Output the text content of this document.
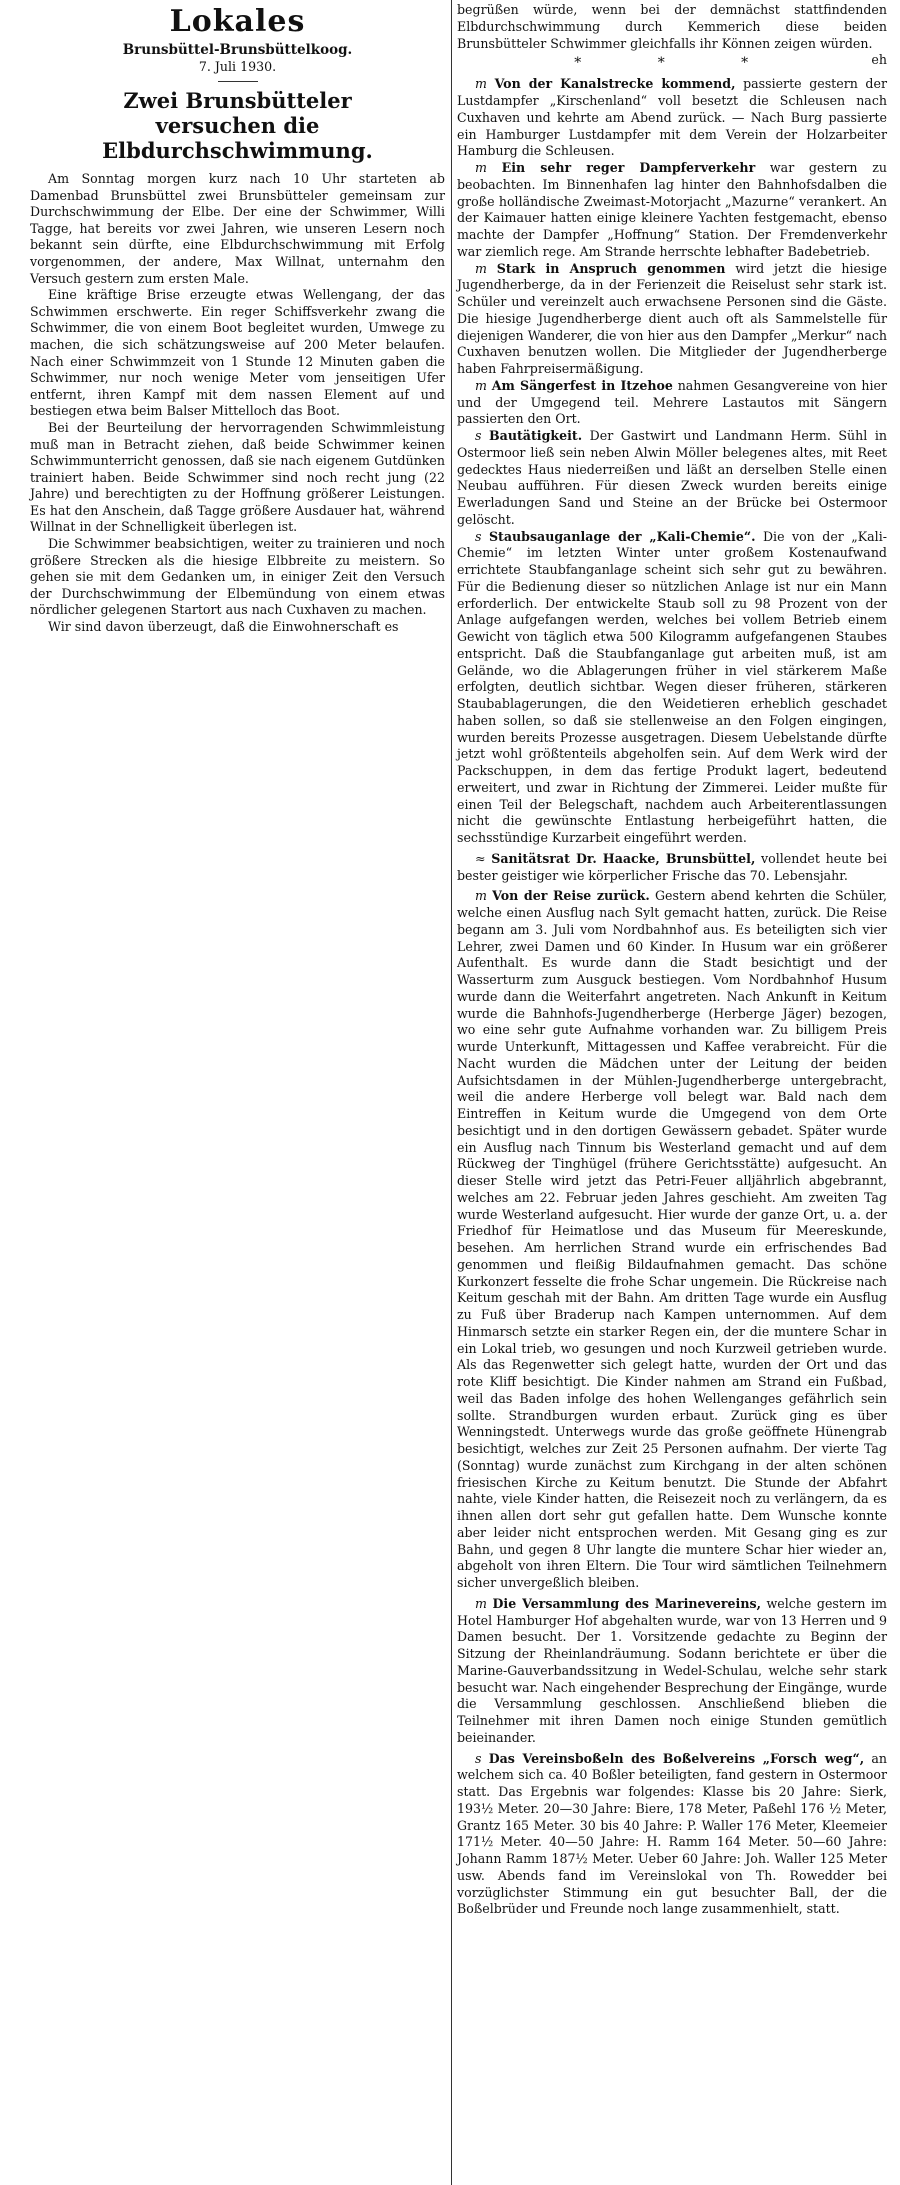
Lokales
Brunsbüttel-Brunsbüttelkoog.
7. Juli 1930.
Zwei Brunsbütteler
versuchen die Elbdurchschwimmung.

Am Sonntag morgen kurz nach 10 Uhr starteten ab Damenbad Brunsbüttel zwei Brunsbütteler gemeinsam zur Durchschwimmung der Elbe. Der eine der Schwimmer, Willi Tagge, hat bereits vor zwei Jahren, wie unseren Lesern noch bekannt sein dürfte, eine Elbdurchschwimmung mit Erfolg vorgenommen, der andere, Max Willnat, unternahm den Versuch gestern zum ersten Male.

Eine kräftige Brise erzeugte etwas Wellengang, der das Schwimmen erschwerte. Ein reger Schiffsverkehr zwang die Schwimmer, die von einem Boot begleitet wurden, Umwege zu machen, die sich schätzungsweise auf 200 Meter belaufen. Nach einer Schwimmzeit von 1 Stunde 12 Minuten gaben die Schwimmer, nur noch wenige Meter vom jenseitigen Ufer entfernt, ihren Kampf mit dem nassen Element auf und bestiegen etwa beim Balser Mittelloch das Boot.

Bei der Beurteilung der hervorragenden Schwimmleistung muß man in Betracht ziehen, daß beide Schwimmer keinen Schwimmunterricht genossen, daß sie nach eigenem Gutdünken trainiert haben. Beide Schwimmer sind noch recht jung (22 Jahre) und berechtigten zu der Hoffnung größerer Leistungen. Es hat den Anschein, daß Tagge größere Ausdauer hat, während Willnat in der Schnelligkeit überlegen ist.

Die Schwimmer beabsichtigen, weiter zu trainieren und noch größere Strecken als die hiesige Elbbreite zu meistern. So gehen sie mit dem Gedanken um, in einiger Zeit den Versuch der Durchschwimmung der Elbemündung von einem etwas nördlicher gelegenen Startort aus nach Cuxhaven zu machen.

Wir sind davon überzeugt, daß die Einwohnerschaft es

begrüßen würde, wenn bei der demnächst stattfindenden Elbdurchschwimmung durch Kemmerich diese beiden Brunsbütteler Schwimmer gleichfalls ihr Können zeigen würden.
eh

* * *

m Von der Kanalstrecke kommend, passierte gestern der Lustdampfer „Kirschenland“ voll besetzt die Schleusen nach Cuxhaven und kehrte am Abend zurück. — Nach Burg passierte ein Hamburger Lustdampfer mit dem Verein der Holzarbeiter Hamburg die Schleusen.

m Ein sehr reger Dampferverkehr war gestern zu beobachten. Im Binnenhafen lag hinter den Bahnhofsdalben die große holländische Zweimast-Motorjacht „Mazurne“ verankert. An der Kaimauer hatten einige kleinere Yachten festgemacht, ebenso machte der Dampfer „Hoffnung“ Station. Der Fremdenverkehr war ziemlich rege. Am Strande herrschte lebhafter Badebetrieb.

m Stark in Anspruch genommen wird jetzt die hiesige Jugendherberge, da in der Ferienzeit die Reiselust sehr stark ist. Schüler und vereinzelt auch erwachsene Personen sind die Gäste. Die hiesige Jugendherberge dient auch oft als Sammelstelle für diejenigen Wanderer, die von hier aus den Dampfer „Merkur“ nach Cuxhaven benutzen wollen. Die Mitglieder der Jugendherberge haben Fahrpreisermäßigung.

m Am Sängerfest in Itzehoe nahmen Gesangvereine von hier und der Umgegend teil. Mehrere Lastautos mit Sängern passierten den Ort.

s Bautätigkeit. Der Gastwirt und Landmann Herm. Sühl in Ostermoor ließ sein neben Alwin Möller belegenes altes, mit Reet gedecktes Haus niederreißen und läßt an derselben Stelle einen Neubau aufführen. Für diesen Zweck wurden bereits einige Ewerladungen Sand und Steine an der Brücke bei Ostermoor gelöscht.

s Staubsauganlage der „Kali-Chemie“. Die von der „Kali-Chemie“ im letzten Winter unter großem Kostenaufwand errichtete Staubfanganlage scheint sich sehr gut zu bewähren. Für die Bedienung dieser so nützlichen Anlage ist nur ein Mann erforderlich. Der entwickelte Staub soll zu 98 Prozent von der Anlage aufgefangen werden, welches bei vollem Betrieb einem Gewicht von täglich etwa 500 Kilogramm aufgefangenen Staubes entspricht. Daß die Staubfanganlage gut arbeiten muß, ist am Gelände, wo die Ablagerungen früher in viel stärkerem Maße erfolgten, deutlich sichtbar. Wegen dieser früheren, stärkeren Staubablagerungen, die den Weidetieren erheblich geschadet haben sollen, so daß sie stellenweise an den Folgen eingingen, wurden bereits Prozesse ausgetragen. Diesem Uebelstande dürfte jetzt wohl größtenteils abgeholfen sein. Auf dem Werk wird der Packschuppen, in dem das fertige Produkt lagert, bedeutend erweitert, und zwar in Richtung der Zimmerei. Leider mußte für einen Teil der Belegschaft, nachdem auch Arbeiterentlassungen nicht die gewünschte Entlastung herbeigeführt hatten, die sechsstündige Kurzarbeit eingeführt werden.

≈ Sanitätsrat Dr. Haacke, Brunsbüttel, vollendet heute bei bester geistiger wie körperlicher Frische das 70. Lebensjahr.

m Von der Reise zurück. Gestern abend kehrten die Schüler, welche einen Ausflug nach Sylt gemacht hatten, zurück. Die Reise begann am 3. Juli vom Nordbahnhof aus. Es beteiligten sich vier Lehrer, zwei Damen und 60 Kinder. In Husum war ein größerer Aufenthalt. Es wurde dann die Stadt besichtigt und der Wasserturm zum Ausguck bestiegen. Vom Nordbahnhof Husum wurde dann die Weiterfahrt angetreten. Nach Ankunft in Keitum wurde die Bahnhofs-Jugendherberge (Herberge Jäger) bezogen, wo eine sehr gute Aufnahme vorhanden war. Zu billigem Preis wurde Unterkunft, Mittagessen und Kaffee verabreicht. Für die Nacht wurden die Mädchen unter der Leitung der beiden Aufsichtsdamen in der Mühlen-Jugendherberge untergebracht, weil die andere Herberge voll belegt war. Bald nach dem Eintreffen in Keitum wurde die Umgegend von dem Orte besichtigt und in den dortigen Gewässern gebadet. Später wurde ein Ausflug nach Tinnum bis Westerland gemacht und auf dem Rückweg der Tinghügel (frühere Gerichtsstätte) aufgesucht. An dieser Stelle wird jetzt das Petri-Feuer alljährlich abgebrannt, welches am 22. Februar jeden Jahres geschieht. Am zweiten Tag wurde Westerland aufgesucht. Hier wurde der ganze Ort, u. a. der Friedhof für Heimatlose und das Museum für Meereskunde, besehen. Am herrlichen Strand wurde ein erfrischendes Bad genommen und fleißig Bildaufnahmen gemacht. Das schöne Kurkonzert fesselte die frohe Schar ungemein. Die Rückreise nach Keitum geschah mit der Bahn. Am dritten Tage wurde ein Ausflug zu Fuß über Braderup nach Kampen unternommen. Auf dem Hinmarsch setzte ein starker Regen ein, der die muntere Schar in ein Lokal trieb, wo gesungen und noch Kurzweil getrieben wurde. Als das Regenwetter sich gelegt hatte, wurden der Ort und das rote Kliff besichtigt. Die Kinder nahmen am Strand ein Fußbad, weil das Baden infolge des hohen Wellenganges gefährlich sein sollte. Strandburgen wurden erbaut. Zurück ging es über Wenningstedt. Unterwegs wurde das große geöffnete Hünengrab besichtigt, welches zur Zeit 25 Personen aufnahm. Der vierte Tag (Sonntag) wurde zunächst zum Kirchgang in der alten schönen friesischen Kirche zu Keitum benutzt. Die Stunde der Abfahrt nahte, viele Kinder hatten, die Reisezeit noch zu verlängern, da es ihnen allen dort sehr gut gefallen hatte. Dem Wunsche konnte aber leider nicht entsprochen werden. Mit Gesang ging es zur Bahn, und gegen 8 Uhr langte die muntere Schar hier wieder an, abgeholt von ihren Eltern. Die Tour wird sämtlichen Teilnehmern sicher unvergeßlich bleiben.

m Die Versammlung des Marinevereins, welche gestern im Hotel Hamburger Hof abgehalten wurde, war von 13 Herren und 9 Damen besucht. Der 1. Vorsitzende gedachte zu Beginn der Sitzung der Rheinlandräumung. Sodann berichtete er über die Marine-Gauverbandssitzung in Wedel-Schulau, welche sehr stark besucht war. Nach eingehender Besprechung der Eingänge, wurde die Versammlung geschlossen. Anschließend blieben die Teilnehmer mit ihren Damen noch einige Stunden gemütlich beieinander.

s Das Vereinsboßeln des Boßelvereins „Forsch weg“, an welchem sich ca. 40 Boßler beteiligten, fand gestern in Ostermoor statt. Das Ergebnis war folgendes: Klasse bis 20 Jahre: Sierk, 193½ Meter. 20—30 Jahre: Biere, 178 Meter, Paßehl 176 ½ Meter, Grantz 165 Meter. 30 bis 40 Jahre: P. Waller 176 Meter, Kleemeier 171½ Meter. 40—50 Jahre: H. Ramm 164 Meter. 50—60 Jahre: Johann Ramm 187½ Meter. Ueber 60 Jahre: Joh. Waller 125 Meter usw. Abends fand im Vereinslokal von Th. Rowedder bei vorzüglichster Stimmung ein gut besuchter Ball, der die Boßelbrüder und Freunde noch lange zusammenhielt, statt.
